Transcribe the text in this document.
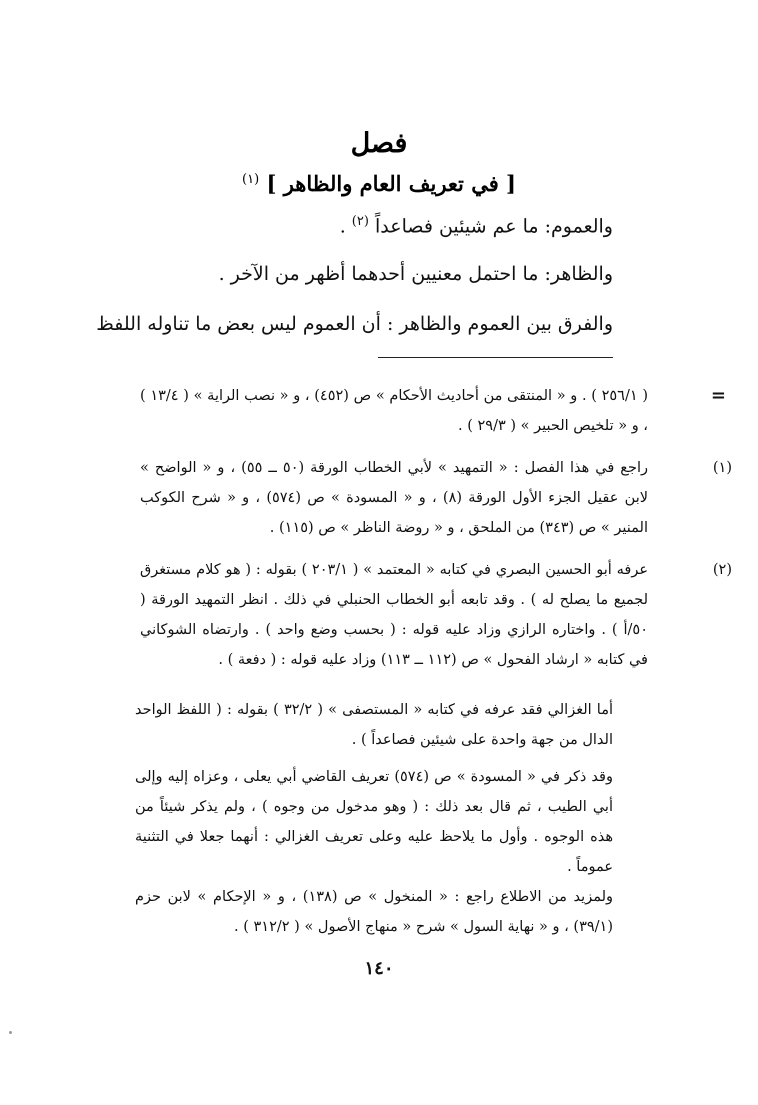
فصل
[ في تعريف العام والظاهر ] $^{(١)}$
والعموم: ما عم شيئين فصاعداً $^{(٢)}$ .
والظاهر: ما احتمل معنيين أحدهما أظهر من الآخر .
والفرق بين العموم والظاهر : أن العموم ليس بعض ما تناوله اللفظ
=
( ٢٥٦/١ ) . و « المنتقى من أحاديث الأحكام » ص (٤٥٢) ، و « نصب الراية » ( ١٣/٤ ) ، و « تلخيص الحبير » ( ٢٩/٣ ) .
(١)
راجع في هذا الفصل : « التمهيد » لأبي الخطاب الورقة (٥٠ ــ ٥٥) ، و « الواضح » لابن عقيل الجزء الأول الورقة (٨) ، و « المسودة » ص (٥٧٤) ، و « شرح الكوكب المنير » ص (٣٤٣) من الملحق ، و « روضة الناظر » ص (١١٥) .
(٢)
عرفه أبو الحسين البصري في كتابه « المعتمد » ( ٢٠٣/١ ) بقوله : ( هو كلام مستغرق لجميع ما يصلح له ) . وقد تابعه أبو الخطاب الحنبلي في ذلك . انظر التمهيد الورقة ( ٥٠/أ ) . واختاره الرازي وزاد عليه قوله : ( بحسب وضع واحد ) . وارتضاه الشوكاني في كتابه « ارشاد الفحول » ص (١١٢ ــ ١١٣) وزاد عليه قوله : ( دفعة ) .
أما الغزالي فقد عرفه في كتابه « المستصفى » ( ٣٢/٢ ) بقوله : ( اللفظ الواحد الدال من جهة واحدة على شيئين فصاعداً ) .
وقد ذكر في « المسودة » ص (٥٧٤) تعريف القاضي أبي يعلى ، وعزاه إليه وإلى أبي الطيب ، ثم قال بعد ذلك : ( وهو مدخول من وجوه ) ، ولم يذكر شيئاً من هذه الوجوه . وأول ما يلاحظ عليه وعلى تعريف الغزالي : أنهما جعلا في التثنية عموماً .
ولمزيد من الاطلاع راجع : « المنخول » ص (١٣٨) ، و « الإحكام » لابن حزم (٣٩/١) ، و « نهاية السول » شرح « منهاج الأصول » ( ٣١٢/٢ ) .
١٤٠
